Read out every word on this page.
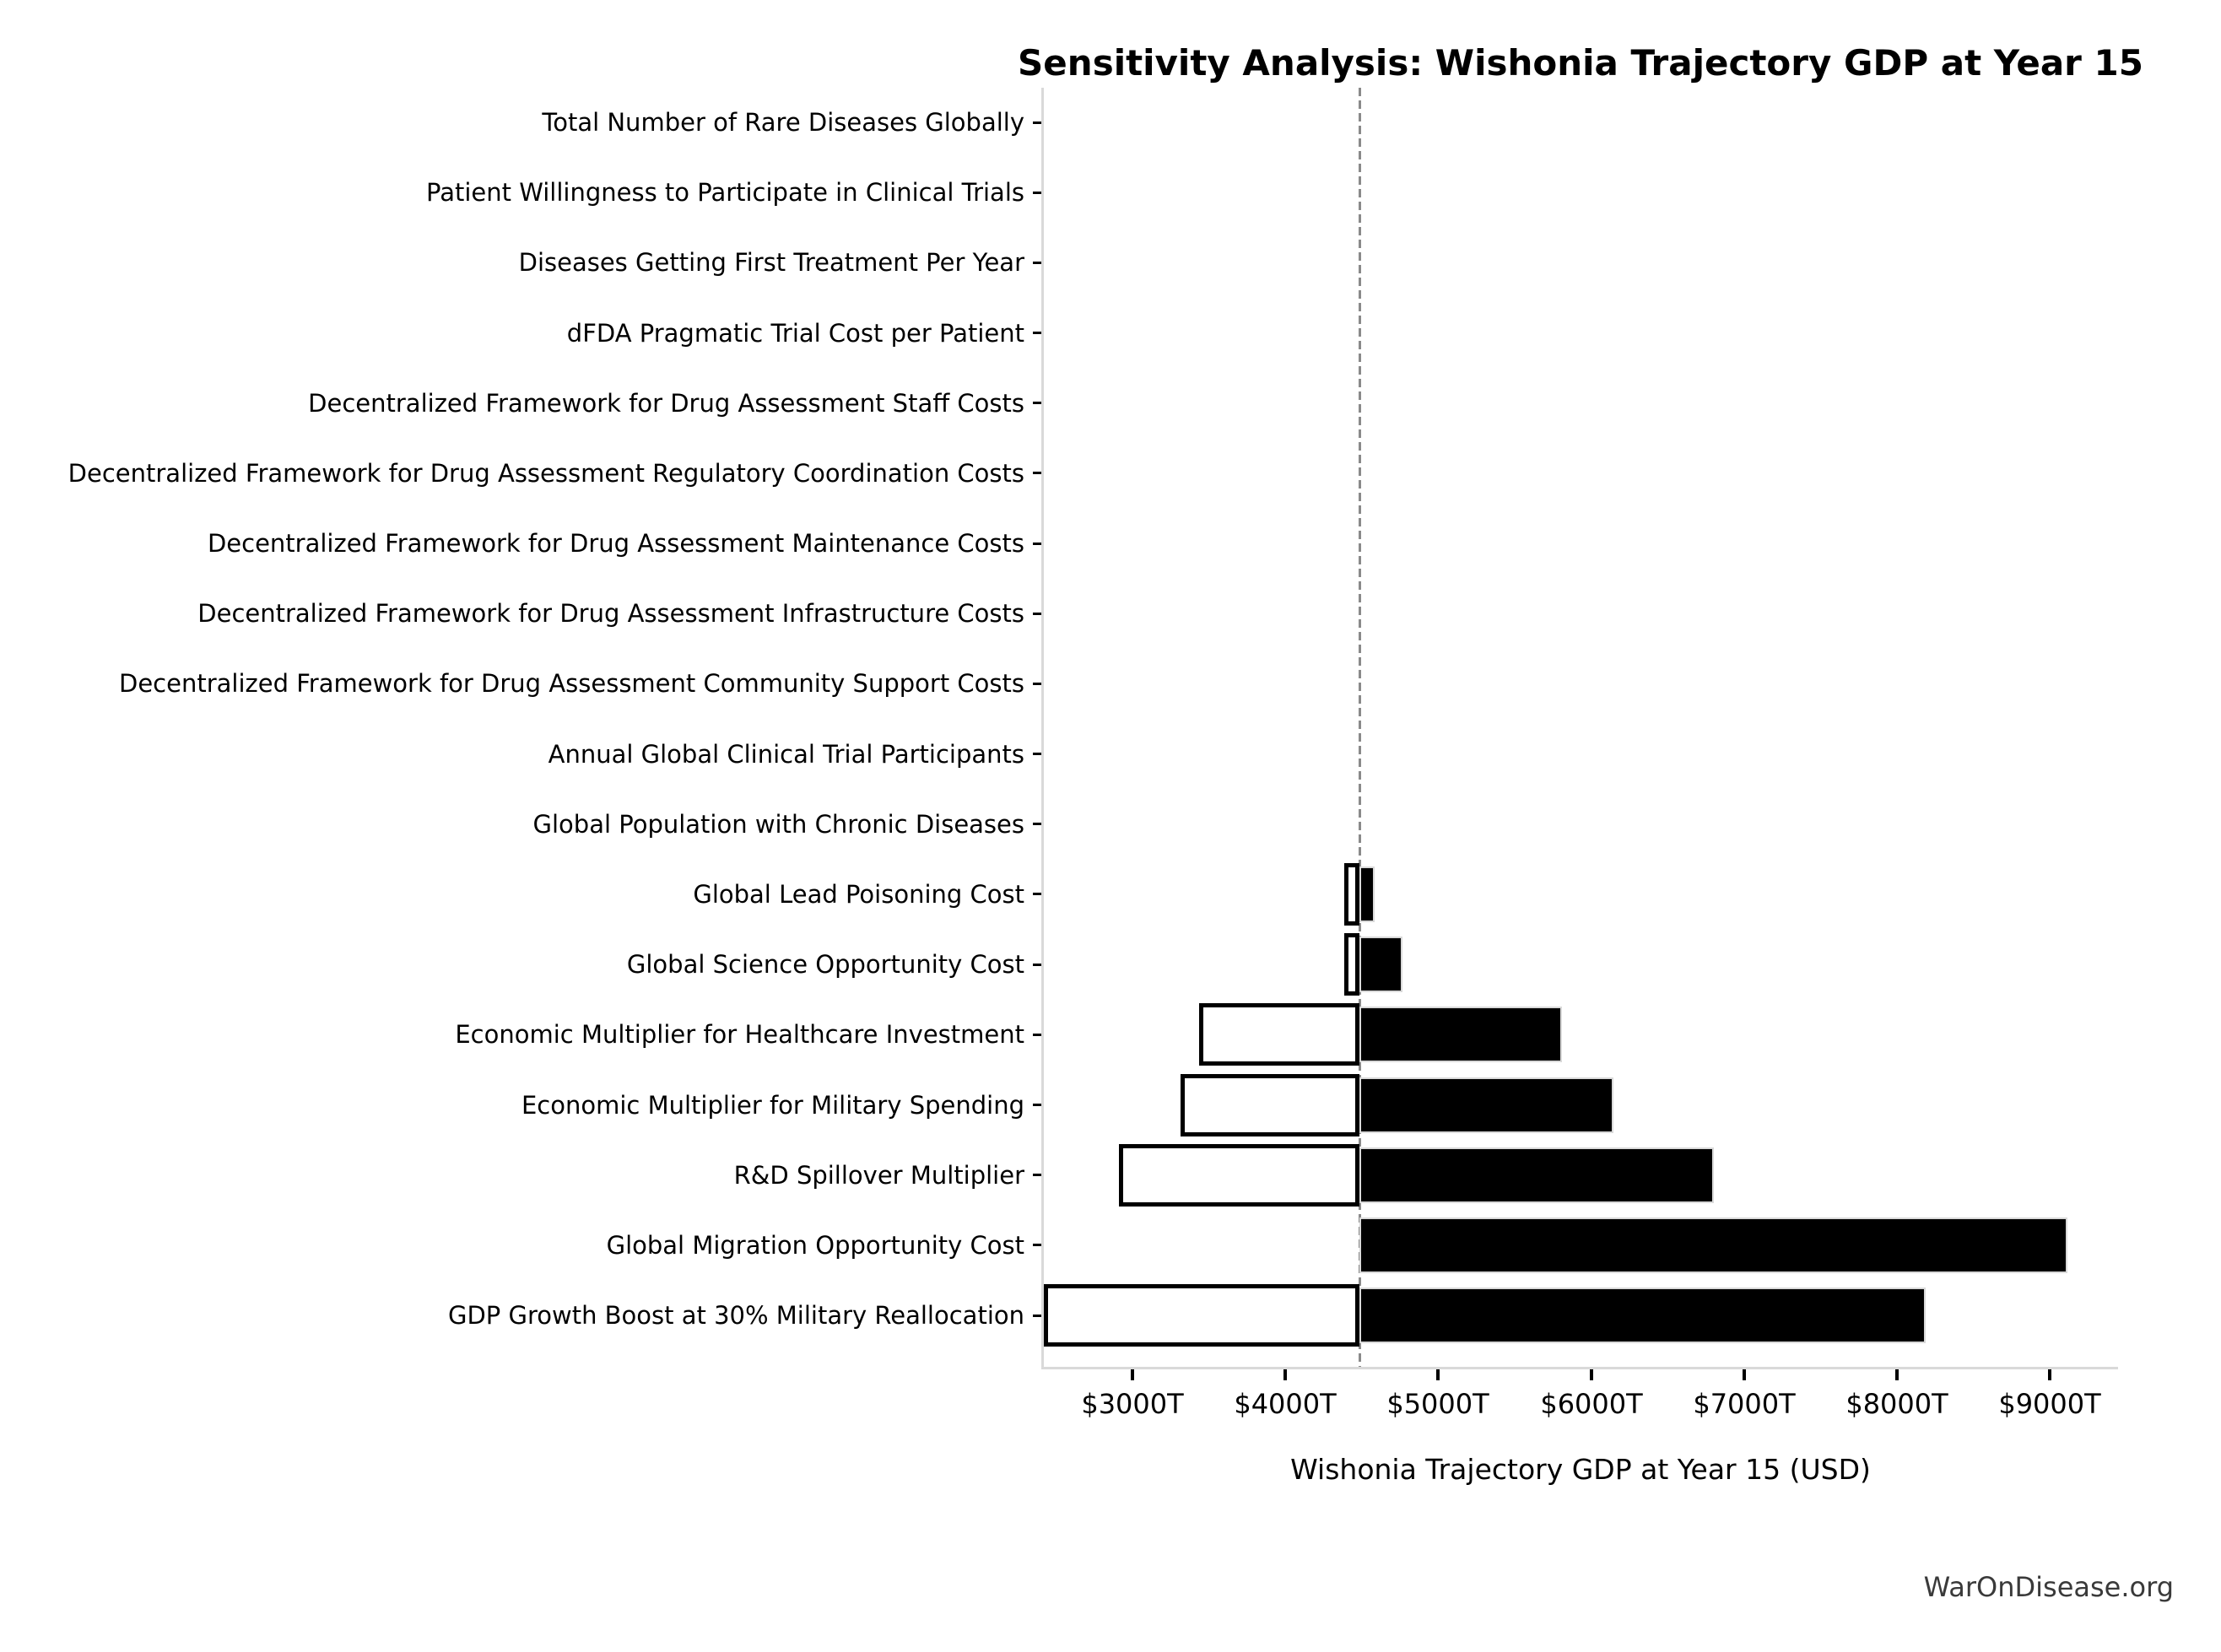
Sensitivity Analysis: Wishonia Trajectory GDP at Year 15
Total Number of Rare Diseases Globally
Patient Willingness to Participate in Clinical Trials
Diseases Getting First Treatment Per Year
dFDA Pragmatic Trial Cost per Patient
Decentralized Framework for Drug Assessment Staff Costs
Decentralized Framework for Drug Assessment Regulatory Coordination Costs
Decentralized Framework for Drug Assessment Maintenance Costs
Decentralized Framework for Drug Assessment Infrastructure Costs
Decentralized Framework for Drug Assessment Community Support Costs
Annual Global Clinical Trial Participants
Global Population with Chronic Diseases
Global Lead Poisoning Cost
Global Science Opportunity Cost
Economic Multiplier for Healthcare Investment
Economic Multiplier for Military Spending
R&D Spillover Multiplier
Global Migration Opportunity Cost
GDP Growth Boost at 30% Military Reallocation
$3000T $4000T $5000T $6000T $7000T $8000T $9000T
Wishonia Trajectory GDP at Year 15 (USD)
WarOnDisease.org
